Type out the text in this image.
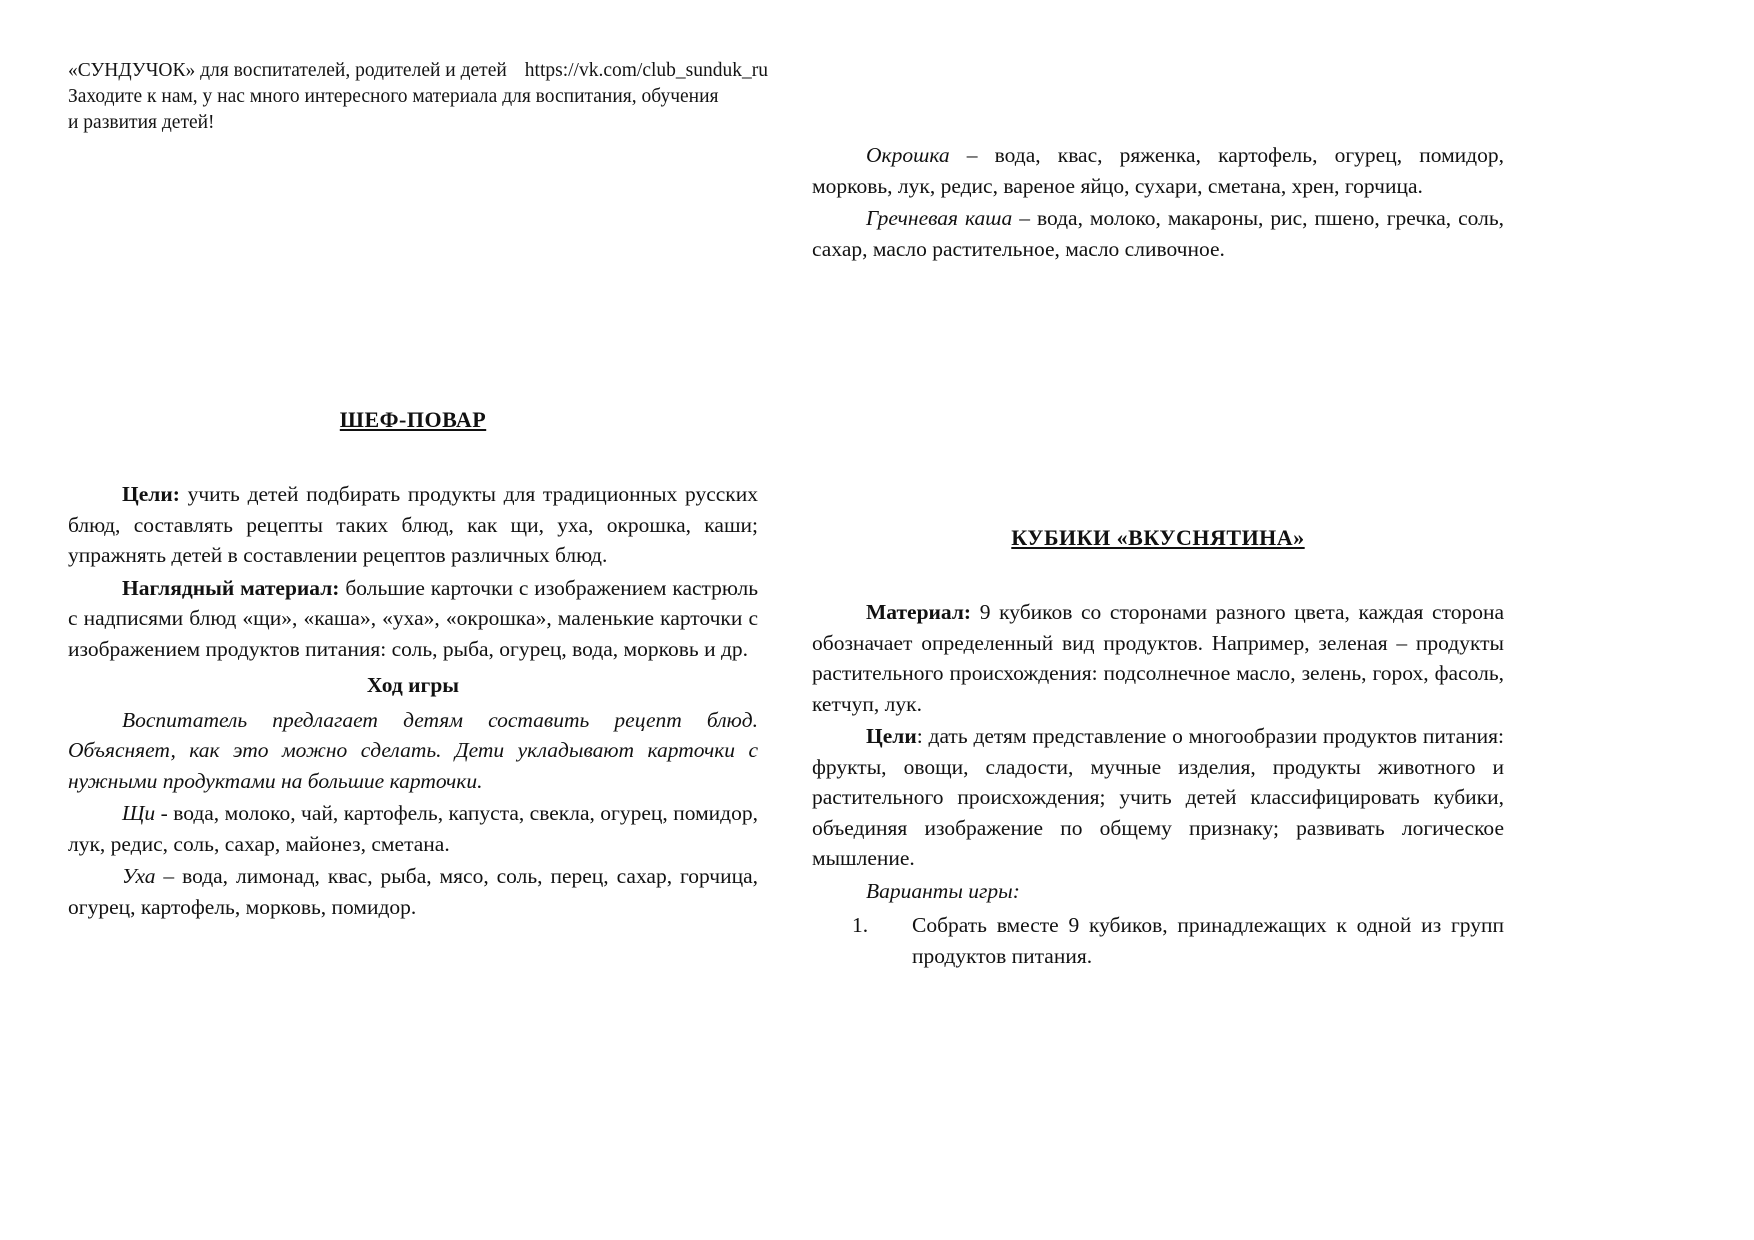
«СУНДУЧОК» для воспитателей, родителей и детей https://vk.com/club_sunduk_ru
Заходите к нам, у нас много интересного материала для воспитания, обучения
и развития детей!

Окрошка – вода, квас, ряженка, картофель, огурец, помидор, морковь, лук, редис, вареное яйцо, сухари, сметана, хрен, горчица.

Гречневая каша – вода, молоко, макароны, рис, пшено, гречка, соль, сахар, масло растительное, масло сливочное.

ШЕФ-ПОВАР

Цели: учить детей подбирать продукты для традиционных русских блюд, составлять рецепты таких блюд, как щи, уха, окрошка, каши; упражнять детей в составлении рецептов различных блюд.

Наглядный материал: большие карточки с изображением кастрюль с надписями блюд «щи», «каша», «уха», «окрошка», маленькие карточки с изображением продуктов питания: соль, рыба, огурец, вода, морковь и др.

Ход игры

Воспитатель предлагает детям составить рецепт блюд. Объясняет, как это можно сделать. Дети укладывают карточки с нужными продуктами на большие карточки.

Щи - вода, молоко, чай, картофель, капуста, свекла, огурец, помидор, лук, редис, соль, сахар, майонез, сметана.

Уха – вода, лимонад, квас, рыба, мясо, соль, перец, сахар, горчица, огурец, картофель, морковь, помидор.

КУБИКИ «ВКУСНЯТИНА»

Материал: 9 кубиков со сторонами разного цвета, каждая сторона обозначает определенный вид продуктов. Например, зеленая – продукты растительного происхождения: подсолнечное масло, зелень, горох, фасоль, кетчуп, лук.

Цели: дать детям представление о многообразии продуктов питания: фрукты, овощи, сладости, мучные изделия, продукты животного и растительного происхождения; учить детей классифицировать кубики, объединяя изображение по общему признаку; развивать логическое мышление.

Варианты игры:

1.	Собрать вместе 9 кубиков, принадлежащих к одной из групп продуктов питания.
